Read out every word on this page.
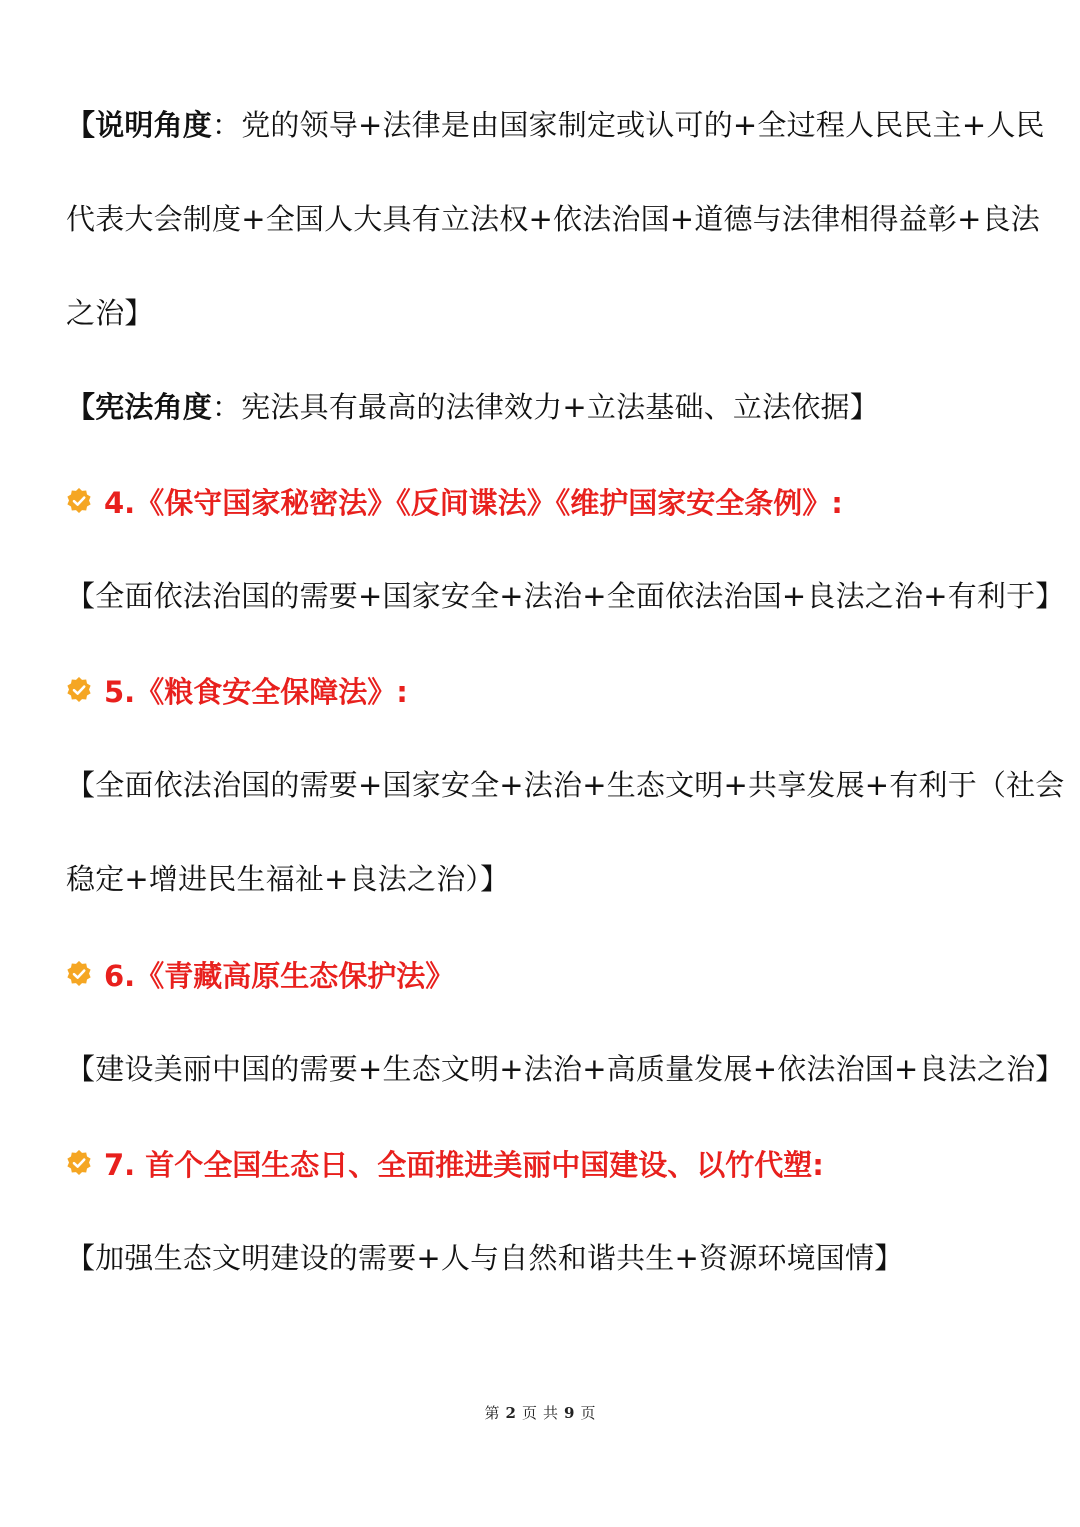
【说明角度：党的领导+法律是由国家制定或认可的+全过程人民民主+人民
代表大会制度+全国人大具有立法权+依法治国+道德与法律相得益彰+良法
之治】
【宪法角度：宪法具有最高的法律效力+立法基础、立法依据】
4.《保守国家秘密法》《反间谍法》《维护国家安全条例》:
【全面依法治国的需要+国家安全+法治+全面依法治国+良法之治+有利于】
5.《粮食安全保障法》:
【全面依法治国的需要+国家安全+法治+生态文明+共享发展+有利于（社会
稳定+增进民生福祉+良法之治）】
6.《青藏高原生态保护法》
【建设美丽中国的需要+生态文明+法治+高质量发展+依法治国+良法之治】
7. 首个全国生态日、全面推进美丽中国建设、以竹代塑:
【加强生态文明建设的需要+人与自然和谐共生+资源环境国情】
第 2 页 共 9 页
